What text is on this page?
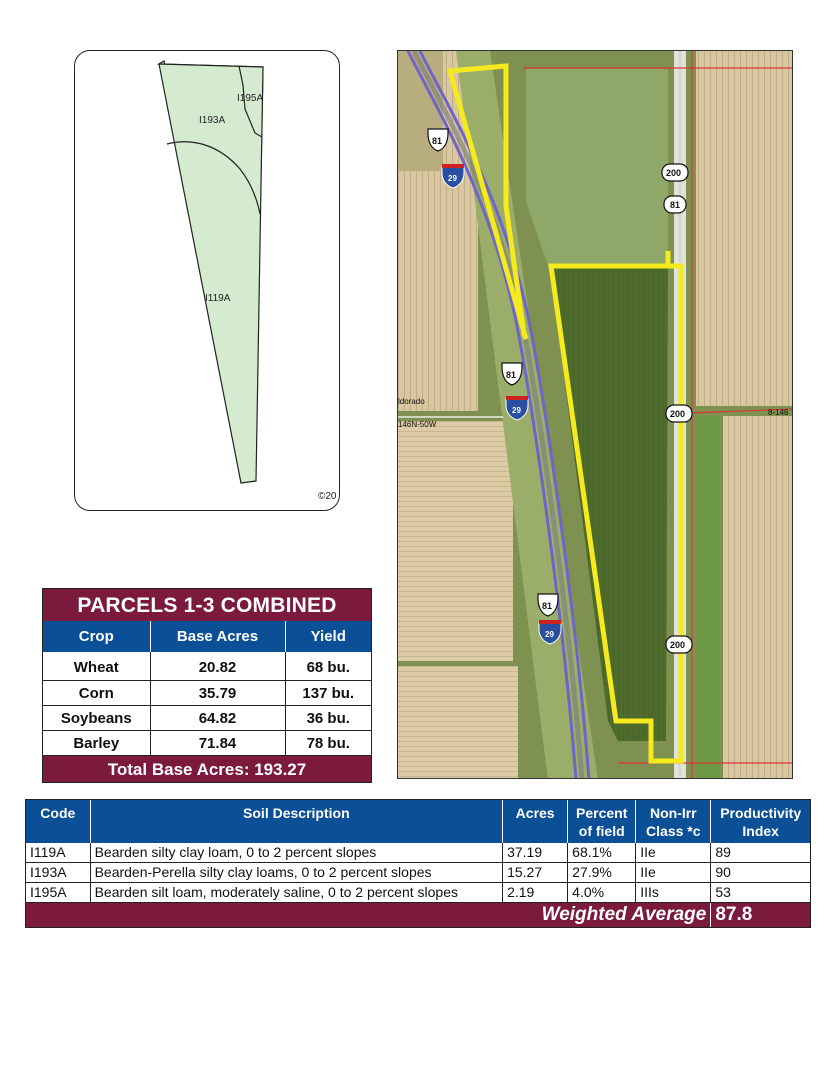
I195A
I193A
I119A
©20
81
81
81
29
29
29
200
81
200
200
ldorado
146N-50W
8-146
PARCELS 1-3 COMBINED
Crop	Base Acres	Yield
Wheat	20.82	68 bu.
Corn	35.79	137 bu.
Soybeans	64.82	36 bu.
Barley	71.84	78 bu.
Total Base Acres: 193.27
Code	Soil Description	Acres	Percent of field	Non-Irr Class *c	Productivity Index
I119A	Bearden silty clay loam, 0 to 2 percent slopes	37.19	68.1%	IIe	89
I193A	Bearden-Perella silty clay loams, 0 to 2 percent slopes	15.27	27.9%	IIe	90
I195A	Bearden silt loam, moderately saline, 0 to 2 percent slopes	2.19	4.0%	IIIs	53
Weighted Average					87.8
